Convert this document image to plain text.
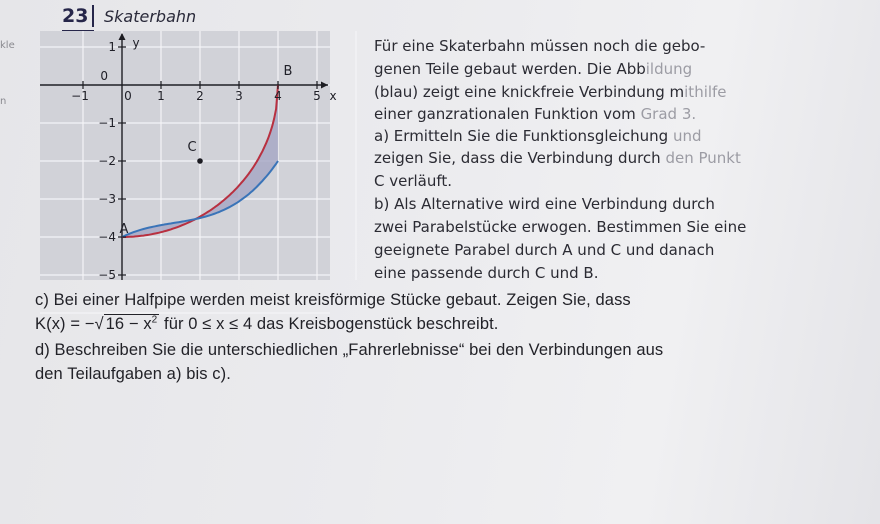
kle
n
23 Skaterbahn
−1	0 1	2	3	4	5 x
1
0
−1
−2
−3
−4
−5
y
A
B
C
Für eine Skaterbahn müssen noch die gebo-
genen Teile gebaut werden. Die Abbildung
(blau) zeigt eine knickfreie Verbindung mithilfe
einer ganzrationalen Funktion vom Grad 3.
a) Ermitteln Sie die Funktionsgleichung und
zeigen Sie, dass die Verbindung durch den Punkt
C verläuft.
b) Als Alternative wird eine Verbindung durch
zwei Parabelstücke erwogen. Bestimmen Sie eine
geeignete Parabel durch A und C und danach
eine passende durch C und B.
c) Bei einer Halfpipe werden meist kreisförmige Stücke gebaut. Zeigen Sie, dass
K(x) = −√ $16 - x^2$ für 0 ≤ x ≤ 4 das Kreisbogenstück beschreibt.
d) Beschreiben Sie die unterschiedlichen „Fahrerlebnisse“ bei den Verbindungen aus
den Teilaufgaben a) bis c).
